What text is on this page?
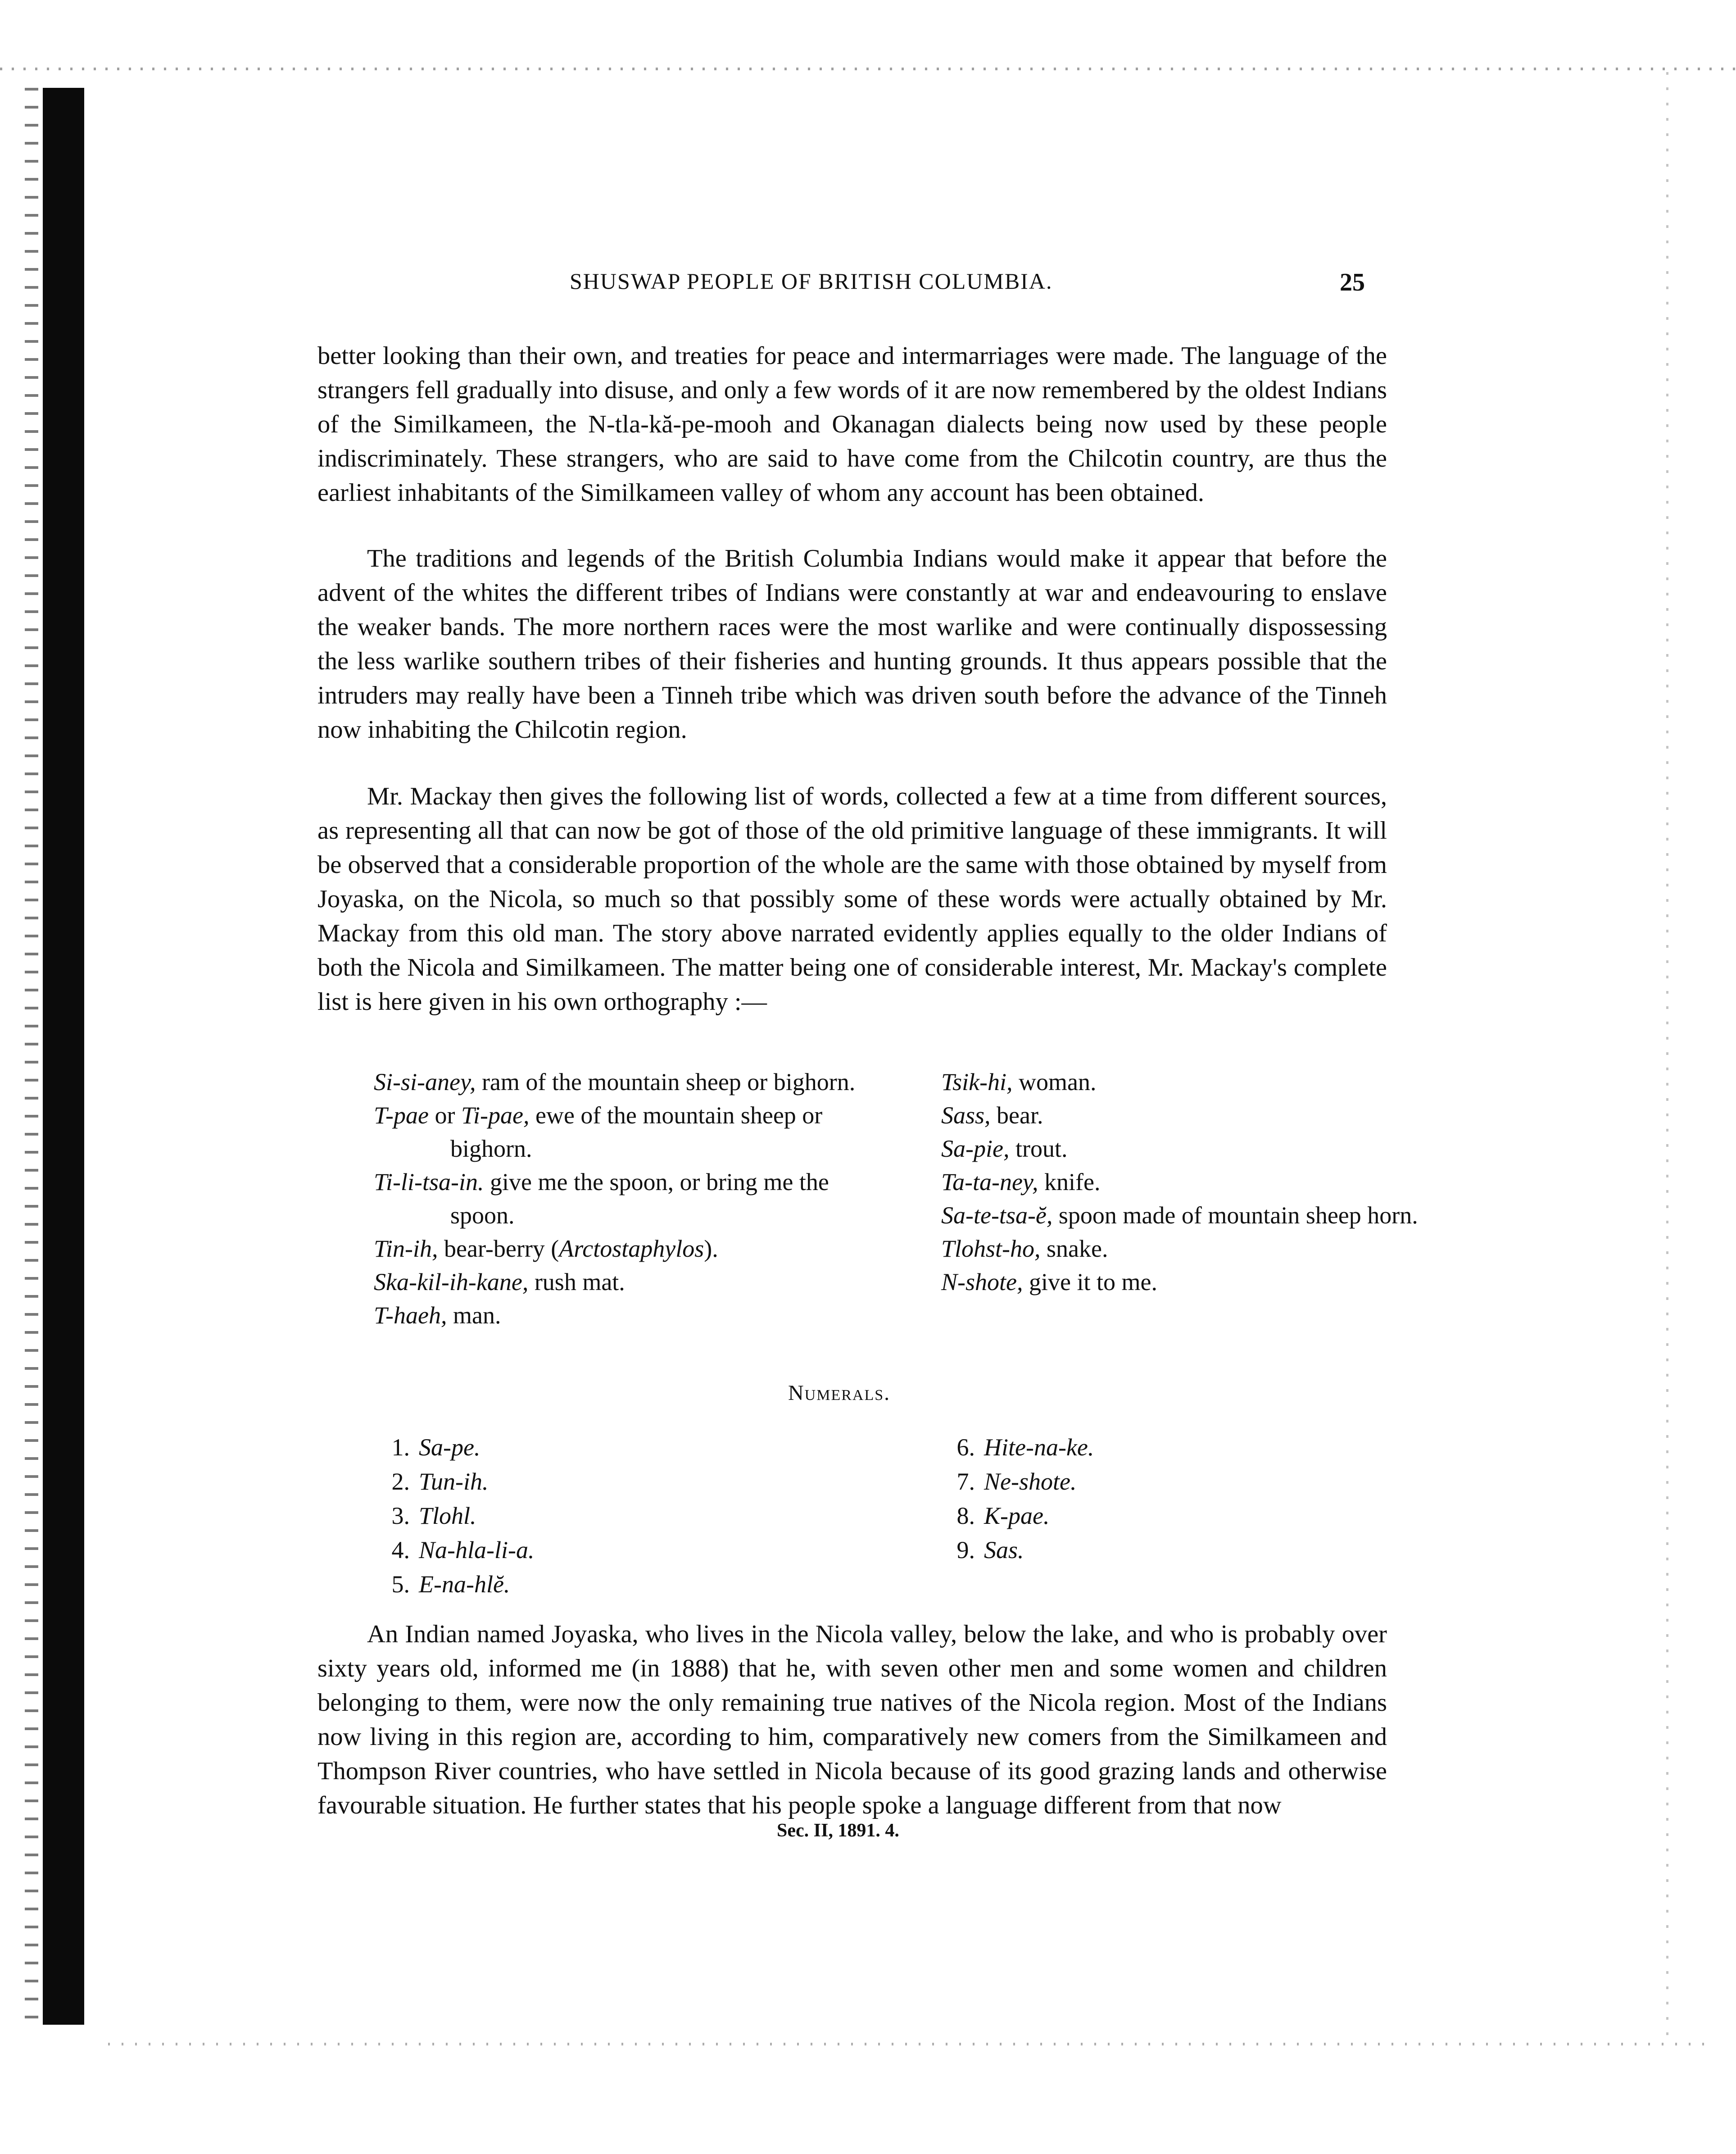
SHUSWAP PEOPLE OF BRITISH COLUMBIA.	25

better looking than their own, and treaties for peace and intermarriages were made. The language of the strangers fell gradually into disuse, and only a few words of it are now remembered by the oldest Indians of the Similkameen, the N-tla-kă-pe-mooh and Okanagan dialects being now used by these people indiscriminately. These strangers, who are said to have come from the Chilcotin country, are thus the earliest inhabitants of the Similkameen valley of whom any account has been obtained.

The traditions and legends of the British Columbia Indians would make it appear that before the advent of the whites the different tribes of Indians were constantly at war and endeavouring to enslave the weaker bands. The more northern races were the most warlike and were continually dispossessing the less warlike southern tribes of their fisheries and hunting grounds. It thus appears possible that the intruders may really have been a Tinneh tribe which was driven south before the advance of the Tinneh now inhabiting the Chilcotin region.

Mr. Mackay then gives the following list of words, collected a few at a time from different sources, as representing all that can now be got of those of the old primitive language of these immigrants. It will be observed that a considerable proportion of the whole are the same with those obtained by myself from Joyaska, on the Nicola, so much so that possibly some of these words were actually obtained by Mr. Mackay from this old man. The story above narrated evidently applies equally to the older Indians of both the Nicola and Similkameen. The matter being one of considerable interest, Mr. Mackay's complete list is here given in his own orthography :—

Si-si-aney, ram of the mountain sheep or bighorn.
T-pae or Ti-pae, ewe of the mountain sheep or bighorn.
Ti-li-tsa-in. give me the spoon, or bring me the spoon.
Tin-ih, bear-berry (Arctostaphylos).
Ska-kil-ih-kane, rush mat.
T-haeh, man.
Tsik-hi, woman.
Sass, bear.
Sa-pie, trout.
Ta-ta-ney, knife.
Sa-te-tsa-ĕ, spoon made of mountain sheep horn.
Tlohst-ho, snake.
N-shote, give it to me.
Numerals.
1. Sa-pe.
2. Tun-ih.
3. Tlohl.
4. Na-hla-li-a.
5. E-na-hlĕ.
6. Hite-na-ke.
7. Ne-shote.
8. K-pae.
9. Sas.

An Indian named Joyaska, who lives in the Nicola valley, below the lake, and who is probably over sixty years old, informed me (in 1888) that he, with seven other men and some women and children belonging to them, were now the only remaining true natives of the Nicola region. Most of the Indians now living in this region are, according to him, comparatively new comers from the Similkameen and Thompson River countries, who have settled in Nicola because of its good grazing lands and otherwise favourable situation. He further states that his people spoke a language different from that now

Sec. II, 1891. 4.
